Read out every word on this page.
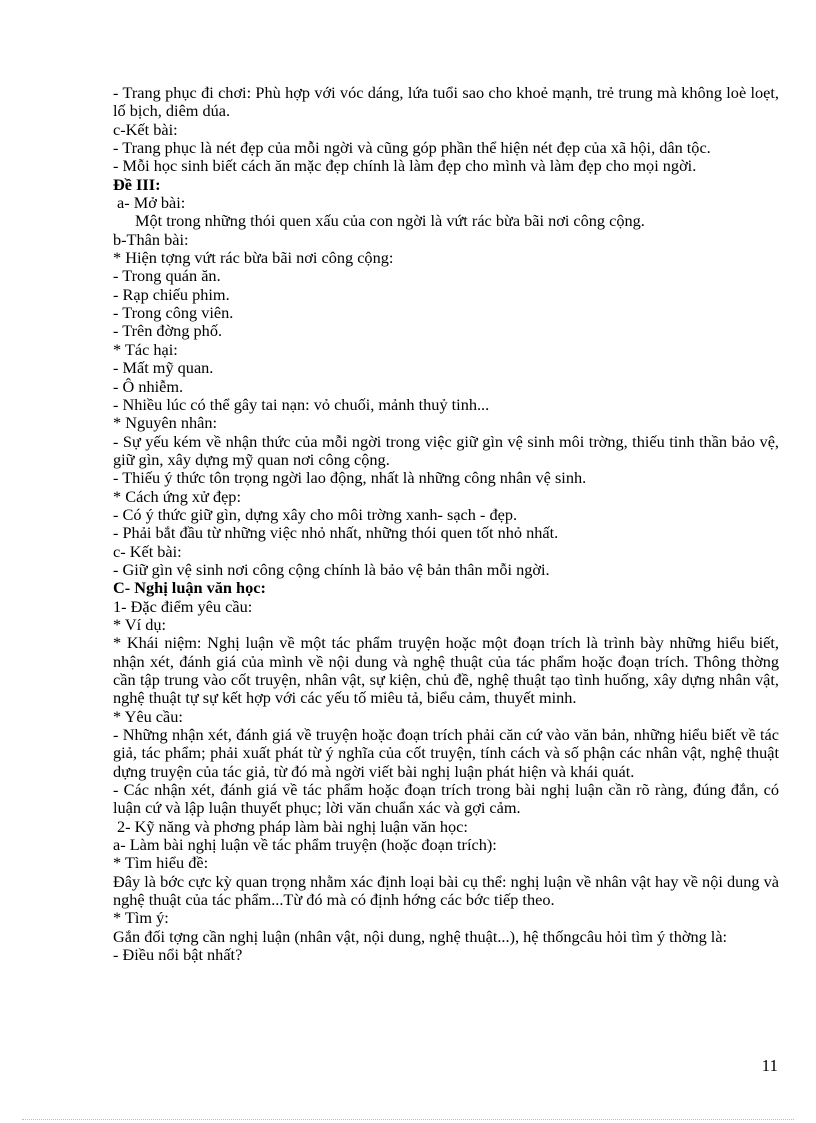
- Trang phục đi chơi: Phù hợp với vóc dáng, lứa tuổi sao cho khoẻ mạnh, trẻ trung mà không loè loẹt, lố bịch, diêm dúa.

c-Kết bài:

- Trang phục là nét đẹp của mỗi ngời và cũng góp phần thể hiện nét đẹp của xã hội, dân tộc.

- Mỗi học sinh biết cách ăn mặc đẹp chính là làm đẹp cho mình và làm đẹp cho mọi ngời.

Đề III:

a- Mở bài:

Một trong những thói quen xấu của con ngời là vứt rác bừa bãi nơi công cộng.

b-Thân bài:

* Hiện tợng vứt rác bừa bãi nơi công cộng:

- Trong quán ăn.

- Rạp chiếu phim.

- Trong công viên.

- Trên đờng phố.

* Tác hại:

- Mất mỹ quan.

- Ô nhiễm.

- Nhiều lúc có thể gây tai nạn: vỏ chuối, mảnh thuỷ tinh...

* Nguyên nhân:

- Sự yếu kém về nhận thức của mỗi ngời trong việc giữ gìn vệ sinh môi trờng, thiếu tinh thần bảo vệ, giữ gìn, xây dựng mỹ quan nơi công cộng.

- Thiếu ý thức tôn trọng ngời lao động, nhất là những công nhân vệ sinh.

* Cách ứng xử đẹp:

- Có ý thức giữ gìn, dựng xây cho môi trờng xanh- sạch - đẹp.

- Phải bắt đầu từ những việc nhỏ nhất, những thói quen tốt nhỏ nhất.

c- Kết bài:

- Giữ gìn vệ sinh nơi công cộng chính là bảo vệ bản thân mỗi ngời.

C- Nghị luận văn học:

1- Đặc điểm yêu cầu:

* Ví dụ:

* Khái niệm: Nghị luận về một tác phẩm truyện hoặc một đoạn trích là trình bày những hiểu biết, nhận xét, đánh giá của mình về nội dung và nghệ thuật của tác phẩm hoặc đoạn trích. Thông thờng cần tập trung vào cốt truyện, nhân vật, sự kiện, chủ đề, nghệ thuật tạo tình huống, xây dựng nhân vật, nghệ thuật tự sự kết hợp với các yếu tố miêu tả, biểu cảm, thuyết minh.

* Yêu cầu:

- Những nhận xét, đánh giá về truyện hoặc đoạn trích phải căn cứ vào văn bản, những hiểu biết về tác giả, tác phẩm; phải xuất phát từ ý nghĩa của cốt truyện, tính cách và số phận các nhân vật, nghệ thuật dựng truyện của tác giả, từ đó mà ngời viết bài nghị luận phát hiện và khái quát.

- Các nhận xét, đánh giá về tác phẩm hoặc đoạn trích trong bài nghị luận cần rõ ràng, đúng đắn, có luận cứ và lập luận thuyết phục; lời văn chuẩn xác và gợi cảm.

2- Kỹ năng và phơng pháp làm bài nghị luận văn học:

a- Làm bài nghị luận về tác phẩm truyện (hoặc đoạn trích):

* Tìm hiểu đề:

Đây là bớc cực kỳ quan trọng nhằm xác định loại bài cụ thể: nghị luận về nhân vật hay về nội dung và nghệ thuật của tác phẩm...Từ đó mà có định hớng các bớc tiếp theo.

* Tìm ý:

Gắn đối tợng cần nghị luận (nhân vật, nội dung, nghệ thuật...), hệ thốngcâu hỏi tìm ý thờng là:

- Điều nổi bật nhất?

11
